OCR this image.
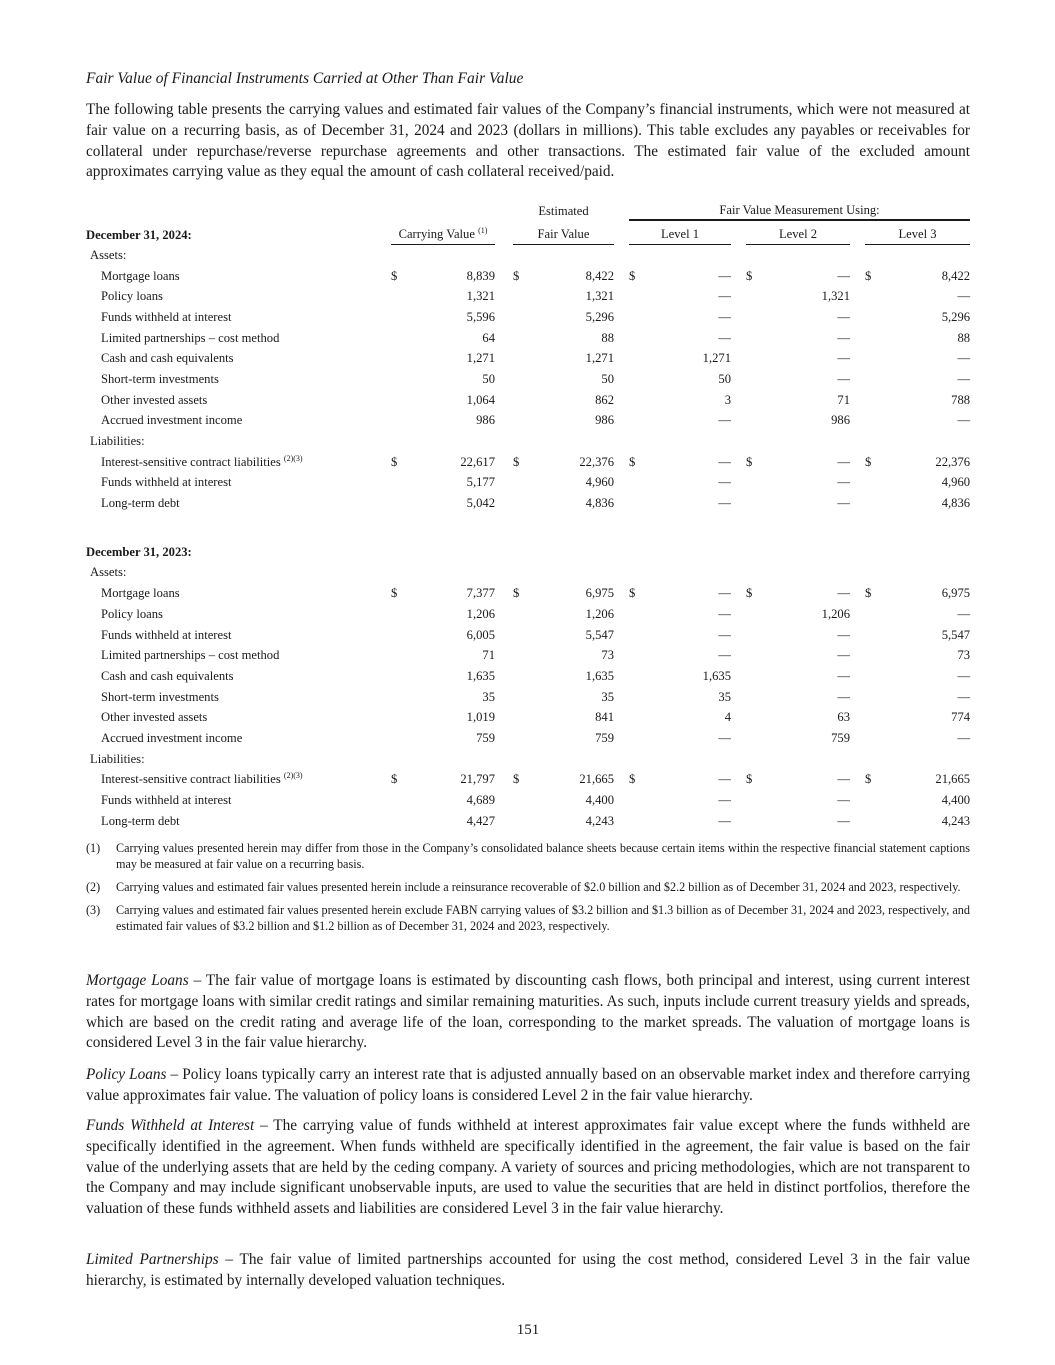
Fair Value of Financial Instruments Carried at Other Than Fair Value

The following table presents the carrying values and estimated fair values of the Company’s financial instruments, which were not measured at fair value on a recurring basis, as of December 31, 2024 and 2023 (dollars in millions). This table excludes any payables or receivables for collateral under repurchase/reverse repurchase agreements and other transactions. The estimated fair value of the excluded amount approximates carrying value as they equal the amount of cash collateral received/paid.

					Estimated			Fair Value Measurement Using:							
December 31, 2024:		Carrying Value $^{(1)}$			Fair Value			Level 1			Level 2			Level 3	
Assets:															
Mortgage loans		$	8,839		$	8,422		$	—		$	—		$	8,422
Policy loans			1,321			1,321			—			1,321			—
Funds withheld at interest			5,596			5,296			—			—			5,296
Limited partnerships – cost method			64			88			—			—			88
Cash and cash equivalents			1,271			1,271			1,271			—			—
Short-term investments			50			50			50			—			—
Other invested assets			1,064			862			3			71			788
Accrued investment income			986			986			—			986			—
Liabilities:															
Interest-sensitive contract liabilities $^{(2)(3)}$		$	22,617		$	22,376		$	—		$	—		$	22,376
Funds withheld at interest			5,177			4,960			—			—			4,960
Long-term debt			5,042			4,836			—			—			4,836

December 31, 2023:															
Assets:															
Mortgage loans		$	7,377		$	6,975		$	—		$	—		$	6,975
Policy loans			1,206			1,206			—			1,206			—
Funds withheld at interest			6,005			5,547			—			—			5,547
Limited partnerships – cost method			71			73			—			—			73
Cash and cash equivalents			1,635			1,635			1,635			—			—
Short-term investments			35			35			35			—			—
Other invested assets			1,019			841			4			63			774
Accrued investment income			759			759			—			759			—
Liabilities:															
Interest-sensitive contract liabilities $^{(2)(3)}$		$	21,797		$	21,665		$	—		$	—		$	21,665
Funds withheld at interest			4,689			4,400			—			—			4,400
Long-term debt			4,427			4,243			—			—			4,243
(1)	Carrying values presented herein may differ from those in the Company’s consolidated balance sheets because certain items within the respective financial statement captions may be measured at fair value on a recurring basis.
(2)	Carrying values and estimated fair values presented herein include a reinsurance recoverable of $2.0 billion and $2.2 billion as of December 31, 2024 and 2023, respectively.
(3)	Carrying values and estimated fair values presented herein exclude FABN carrying values of $3.2 billion and $1.3 billion as of December 31, 2024 and 2023, respectively, and estimated fair values of $3.2 billion and $1.2 billion as of December 31, 2024 and 2023, respectively.

Mortgage Loans – The fair value of mortgage loans is estimated by discounting cash flows, both principal and interest, using current interest rates for mortgage loans with similar credit ratings and similar remaining maturities. As such, inputs include current treasury yields and spreads, which are based on the credit rating and average life of the loan, corresponding to the market spreads. The valuation of mortgage loans is considered Level 3 in the fair value hierarchy.

Policy Loans – Policy loans typically carry an interest rate that is adjusted annually based on an observable market index and therefore carrying value approximates fair value. The valuation of policy loans is considered Level 2 in the fair value hierarchy.

Funds Withheld at Interest – The carrying value of funds withheld at interest approximates fair value except where the funds withheld are specifically identified in the agreement. When funds withheld are specifically identified in the agreement, the fair value is based on the fair value of the underlying assets that are held by the ceding company. A variety of sources and pricing methodologies, which are not transparent to the Company and may include significant unobservable inputs, are used to value the securities that are held in distinct portfolios, therefore the valuation of these funds withheld assets and liabilities are considered Level 3 in the fair value hierarchy.

Limited Partnerships – The fair value of limited partnerships accounted for using the cost method, considered Level 3 in the fair value hierarchy, is estimated by internally developed valuation techniques.

151
